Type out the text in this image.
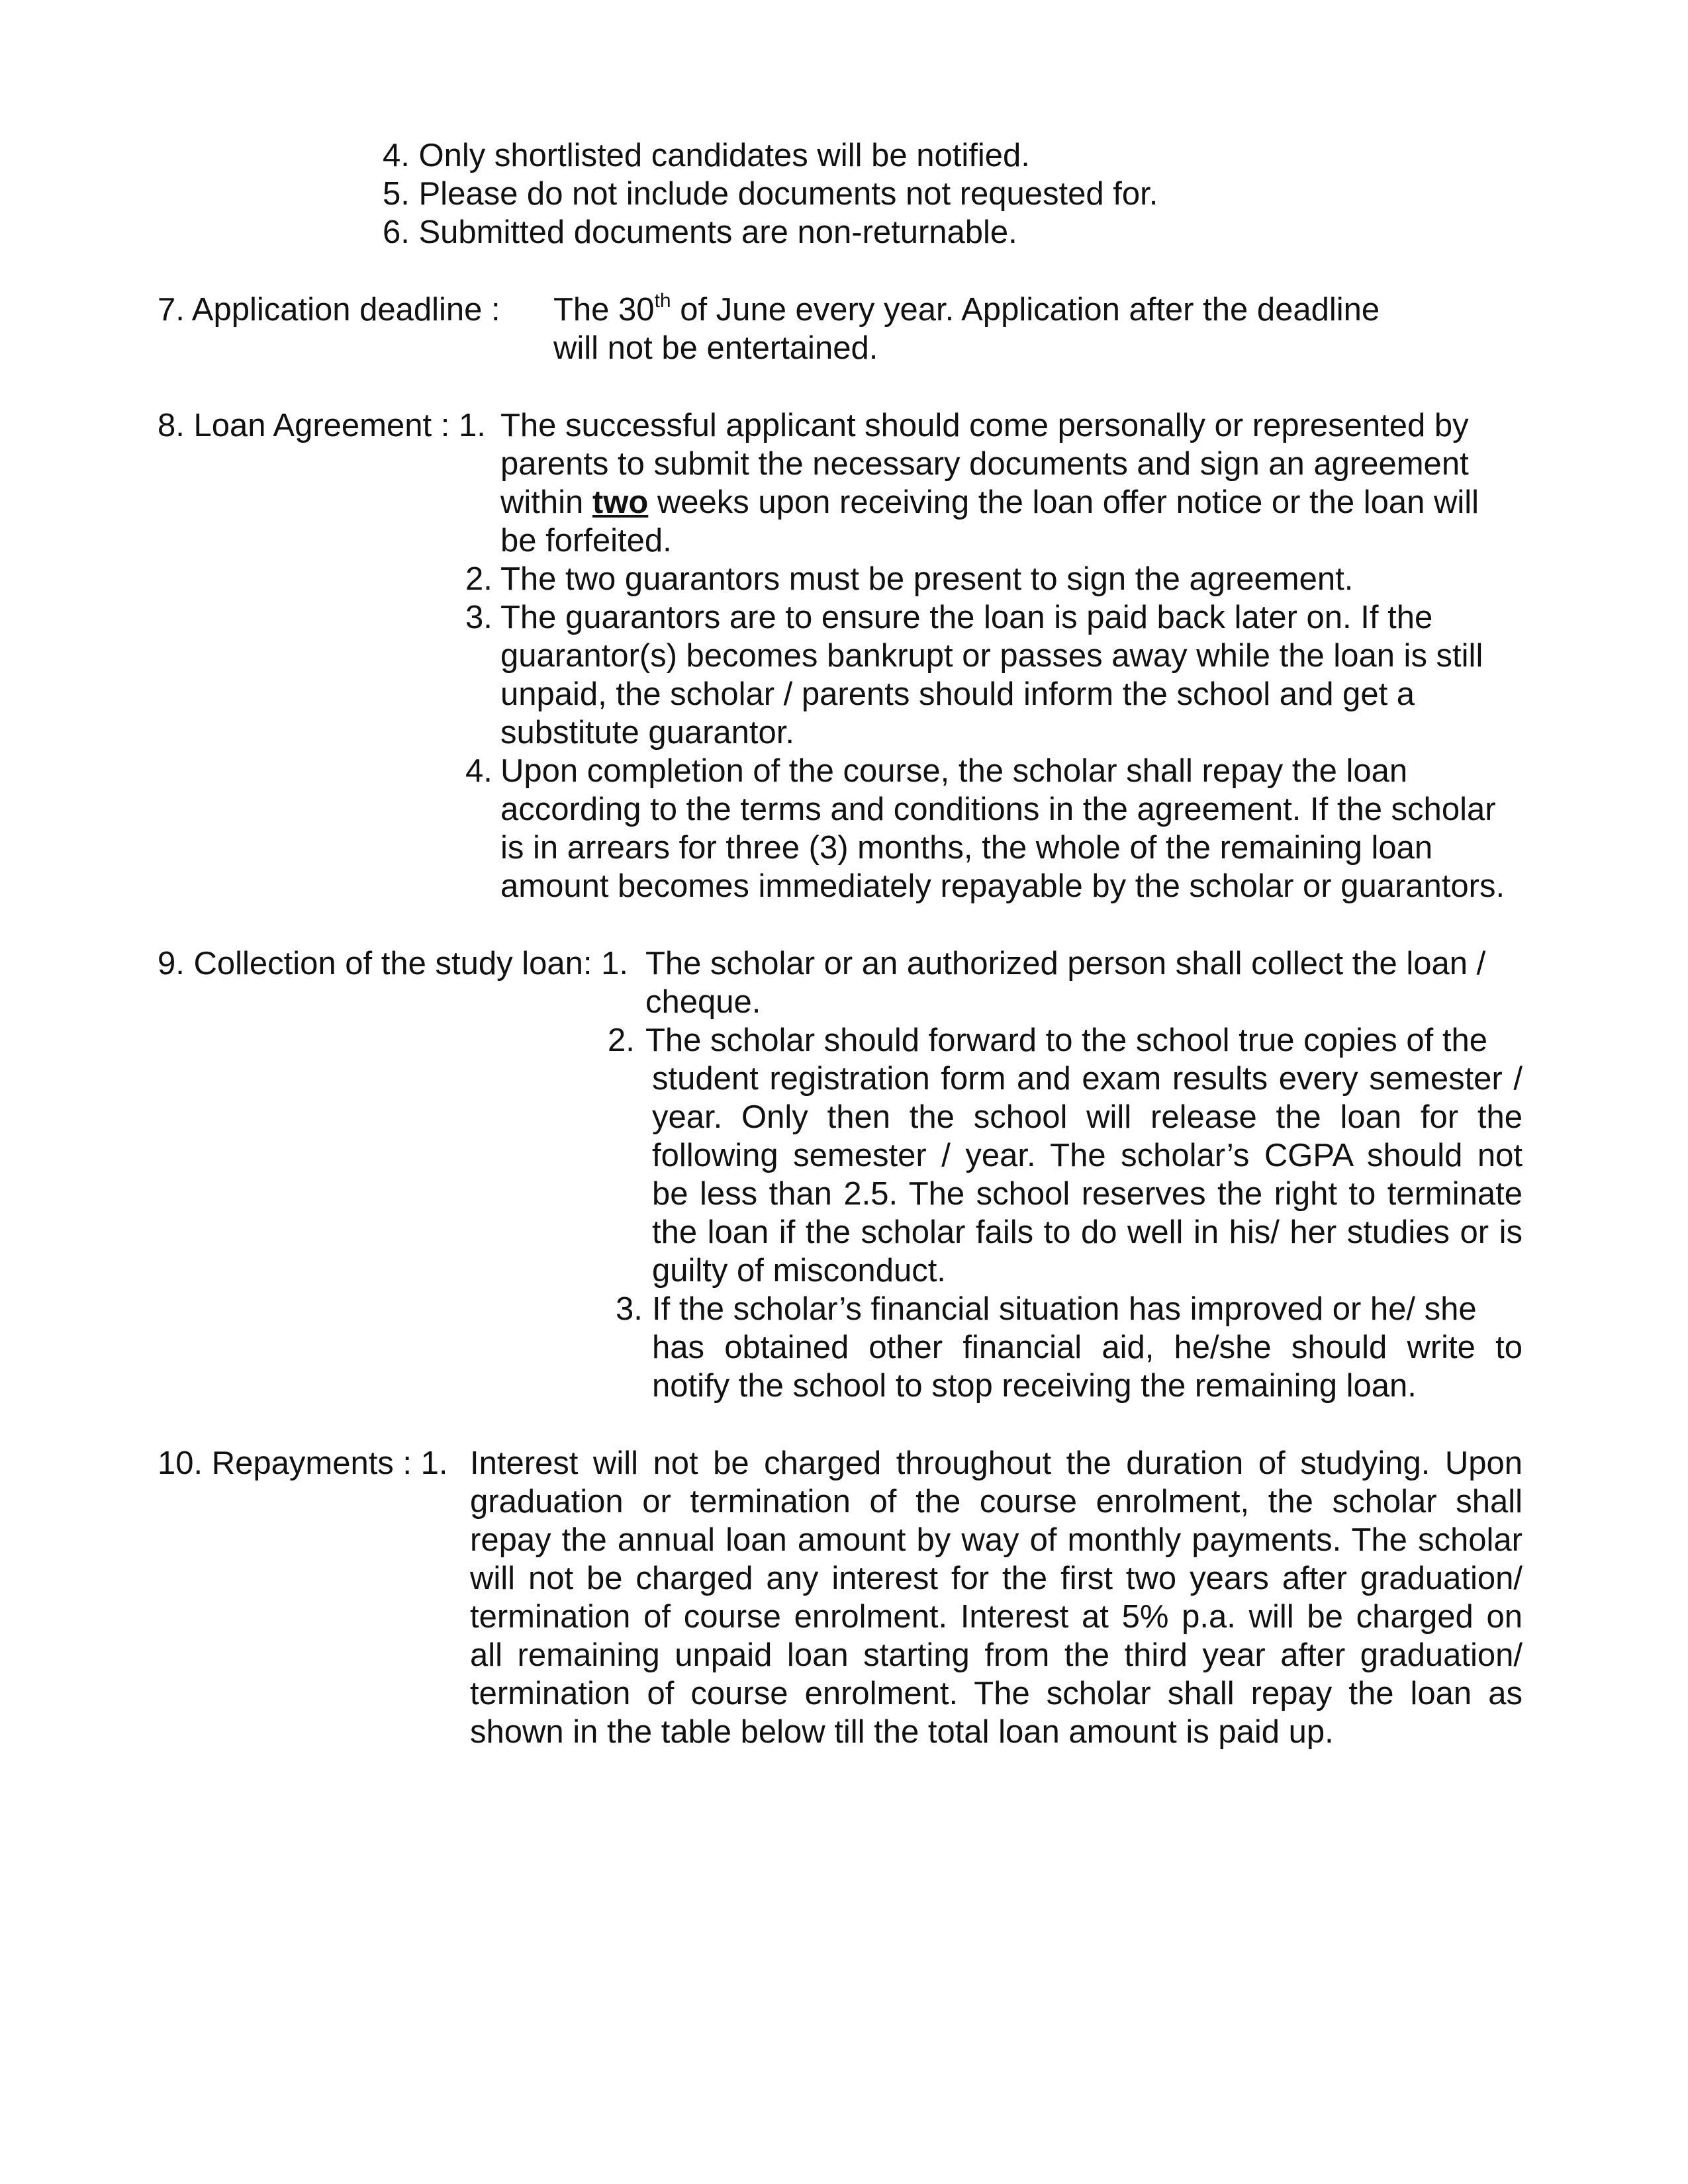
4. Only shortlisted candidates will be notified.
5. Please do not include documents not requested for.
6. Submitted documents are non-returnable.
7. Application deadline : The 30th of June every year. Application after the deadline
will not be entertained.
8. Loan Agreement : 1. The successful applicant should come personally or represented by
parents to submit the necessary documents and sign an agreement
within two weeks upon receiving the loan offer notice or the loan will
be forfeited.
2. The two guarantors must be present to sign the agreement.
3. The guarantors are to ensure the loan is paid back later on. If the
guarantor(s) becomes bankrupt or passes away while the loan is still
unpaid, the scholar / parents should inform the school and get a
substitute guarantor.
4. Upon completion of the course, the scholar shall repay the loan
according to the terms and conditions in the agreement. If the scholar
is in arrears for three (3) months, the whole of the remaining loan
amount becomes immediately repayable by the scholar or guarantors.
9. Collection of the study loan: 1. The scholar or an authorized person shall collect the loan /
cheque.
2. The scholar should forward to the school true copies of the
student registration form and exam results every semester /
year. Only then the school will release the loan for the
following semester / year. The scholar’s CGPA should not
be less than 2.5. The school reserves the right to terminate
the loan if the scholar fails to do well in his/ her studies or is
guilty of misconduct.
3. If the scholar’s financial situation has improved or he/ she
has obtained other financial aid, he/she should write to
notify the school to stop receiving the remaining loan.
10. Repayments : 1. Interest will not be charged throughout the duration of studying. Upon
graduation or termination of the course enrolment, the scholar shall
repay the annual loan amount by way of monthly payments. The scholar
will not be charged any interest for the first two years after graduation/
termination of course enrolment. Interest at 5% p.a. will be charged on
all remaining unpaid loan starting from the third year after graduation/
termination of course enrolment. The scholar shall repay the loan as
shown in the table below till the total loan amount is paid up.
